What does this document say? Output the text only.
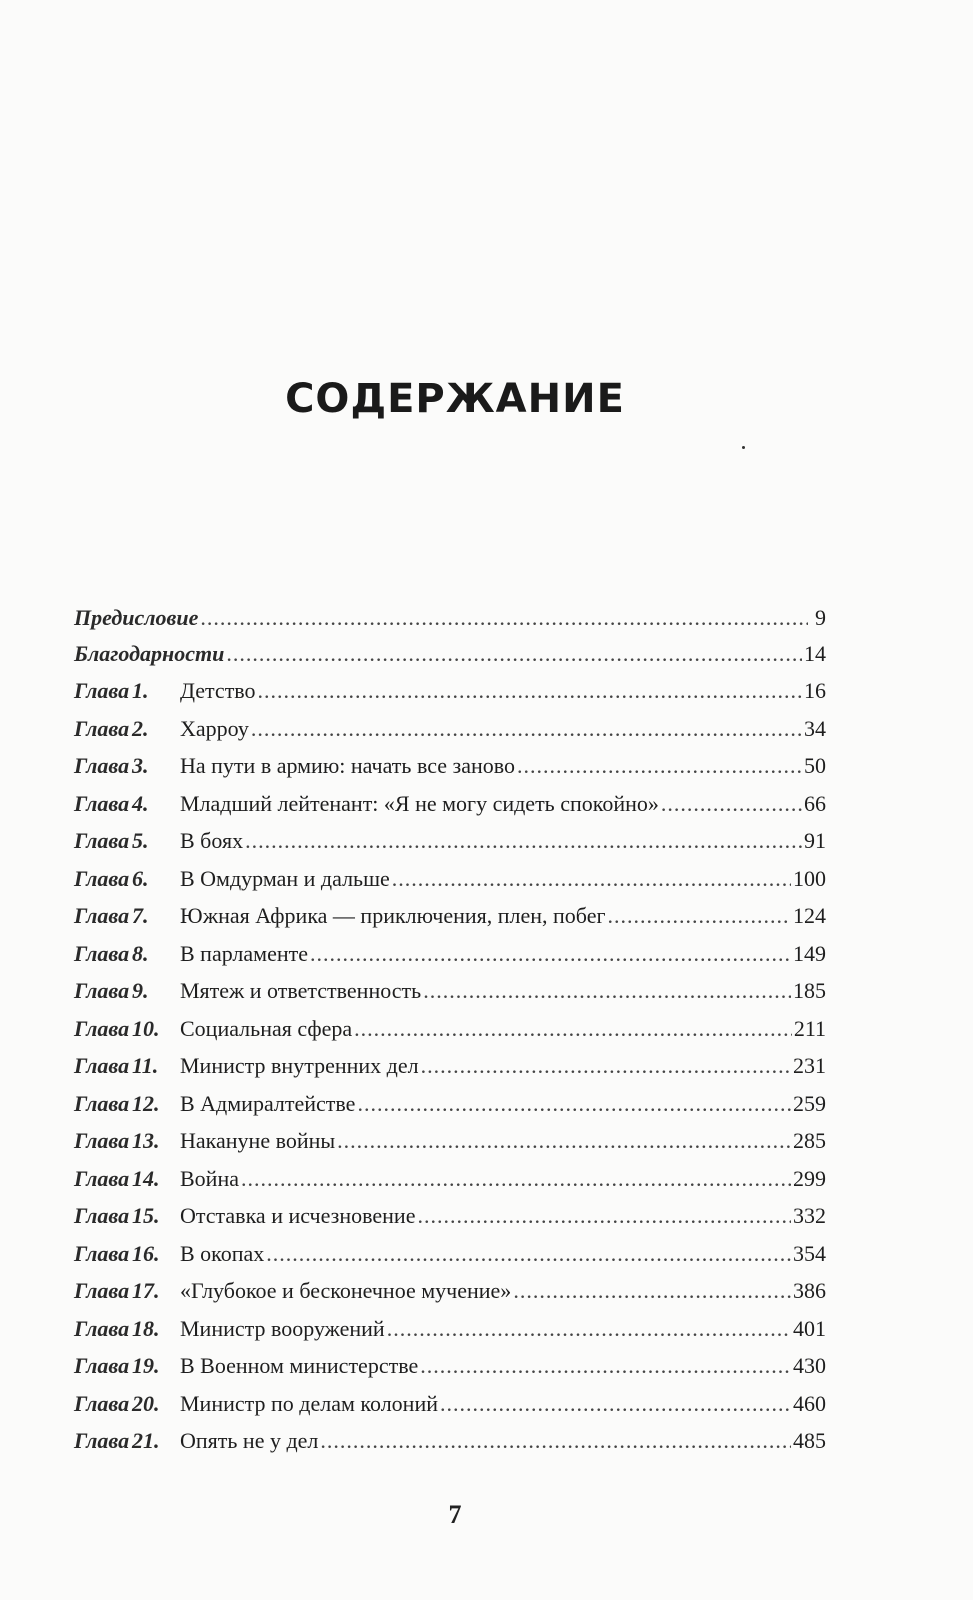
СОДЕРЖАНИЕ
Предисловие .....	9
Благодарности .....	14
Глава 1.	Детство .....	16
Глава 2.	Харроу .....	34
Глава 3.	На пути в армию: начать все заново .....	50
Глава 4.	Младший лейтенант: «Я не могу сидеть спокойно» .....	66
Глава 5.	В боях .....	91
Глава 6.	В Омдурман и дальше .....	100
Глава 7.	Южная Африка — приключения, плен, побег .....	124
Глава 8.	В парламенте .....	149
Глава 9.	Мятеж и ответственность .....	185
Глава 10. Социальная сфера .....	211
Глава 11. Министр внутренних дел .....	231
Глава 12. В Адмиралтействе .....	259
Глава 13. Накануне войны .....	285
Глава 14. Война .....	299
Глава 15. Отставка и исчезновение .....	332
Глава 16. В окопах .....	354
Глава 17. «Глубокое и бесконечное мучение» .....	386
Глава 18. Министр вооружений .....	401
Глава 19. В Военном министерстве .....	430
Глава 20. Министр по делам колоний .....	460
Глава 21. Опять не у дел .....	485
7
